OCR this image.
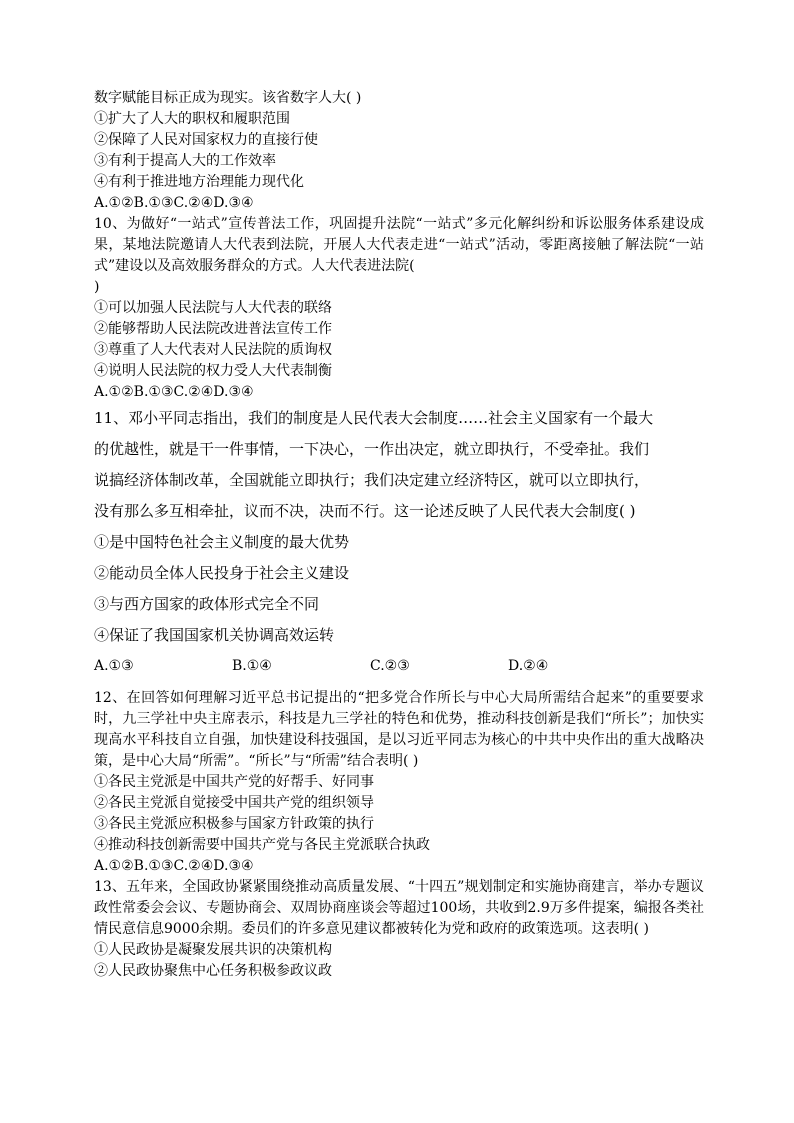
数字赋能目标正成为现实。该省数字人大( )
①扩大了人大的职权和履职范围
②保障了人民对国家权力的直接行使
③有利于提高人大的工作效率
④有利于推进地方治理能力现代化
A.①②B.①③C.②④D.③④
10、为做好“一站式”宣传普法工作，巩固提升法院“一站式”多元化解纠纷和诉讼服务体系建设成果，某地法院邀请人大代表到法院，开展人大代表走进“一站式”活动，零距离接触了解法院“一站式”建设以及高效服务群众的方式。人大代表进法院(
)
①可以加强人民法院与人大代表的联络
②能够帮助人民法院改进普法宣传工作
③尊重了人大代表对人民法院的质询权
④说明人民法院的权力受人大代表制衡
A.①②B.①③C.②④D.③④
11、邓小平同志指出，我们的制度是人民代表大会制度……社会主义国家有一个最大
的优越性，就是干一件事情，一下决心，一作出决定，就立即执行，不受牵扯。我们
说搞经济体制改革，全国就能立即执行；我们决定建立经济特区，就可以立即执行，
没有那么多互相牵扯，议而不决，决而不行。这一论述反映了人民代表大会制度( )
①是中国特色社会主义制度的最大优势
②能动员全体人民投身于社会主义建设
③与西方国家的政体形式完全不同
④保证了我国国家机关协调高效运转
A.①③	B.①④	C.②③	D.②④
12、在回答如何理解习近平总书记提出的“把多党合作所长与中心大局所需结合起来”的重要要求时，九三学社中央主席表示，科技是九三学社的特色和优势，推动科技创新是我们“所长”；加快实现高水平科技自立自强，加快建设科技强国，是以习近平同志为核心的中共中央作出的重大战略决策，是中心大局“所需”。“所长”与“所需”结合表明( )
①各民主党派是中国共产党的好帮手、好同事
②各民主党派自觉接受中国共产党的组织领导
③各民主党派应积极参与国家方针政策的执行
④推动科技创新需要中国共产党与各民主党派联合执政
A.①②B.①③C.②④D.③④
13、五年来，全国政协紧紧围绕推动高质量发展、“十四五”规划制定和实施协商建言，举办专题议政性常委会会议、专题协商会、双周协商座谈会等超过100场，共收到2.9万多件提案，编报各类社情民意信息9000余期。委员们的许多意见建议都被转化为党和政府的政策选项。这表明( )
①人民政协是凝聚发展共识的决策机构
②人民政协聚焦中心任务积极参政议政
